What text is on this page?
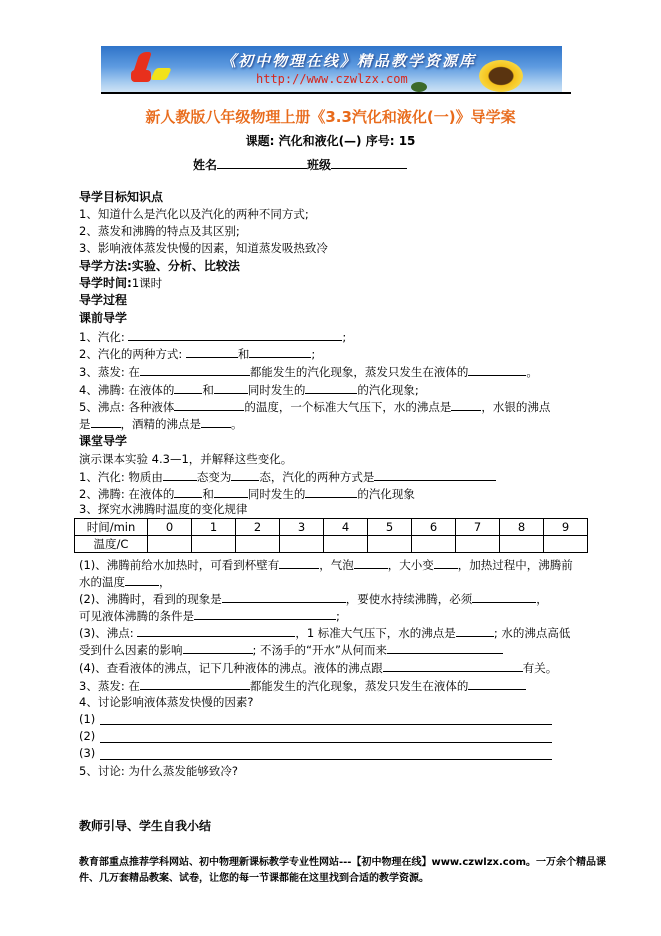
《初中物理在线》精品教学资源库
http://www.czwlzx.com
新人教版八年级物理上册《3.3汽化和液化(一)》导学案
课题: 汽化和液化(—) 序号: 15
姓名	班级
导学目标知识点
1、知道什么是汽化以及汽化的两种不同方式;
2、蒸发和沸腾的特点及其区别;
3、影响液体蒸发快慢的因素，知道蒸发吸热致冷
导学方法:实验、分析、比较法
导学时间:1课时
导学过程
课前导学
1、汽化:	;
2、汽化的两种方式:	和	;
3、蒸发: 在	都能发生的汽化现象，蒸发只发生在液体的	。
4、沸腾: 在液体的 和	同时发生的	的汽化现象;
5、沸点: 各种液体	的温度，一个标准大气压下，水的沸点是	，水银的沸点
是	，酒精的沸点是	。
课堂导学
演示课本实验 4.3—1，并解释这些变化。
1、汽化: 物质由	态变为 态，汽化的两种方式是
2、沸腾: 在液体的 和	同时发生的	的汽化现象
3、探究水沸腾时温度的变化规律
时间/min	0	1	2	3	4	5	6	7	8	9
温度/C										
(1)、沸腾前给水加热时，可看到杯壁有	，气泡	，大小变 ，加热过程中，沸腾前
水的温度	，
(2)、沸腾时，看到的现象是	，要使水持续沸腾，必须	，
可见液体沸腾的条件是	;
(3)、沸点:	，1 标准大气压下，水的沸点是	; 水的沸点高低
受到什么因素的影响	; 不汤手的“开水”从何而来
(4)、查看液体的沸点，记下几种液体的沸点。液体的沸点跟	有关。
3、蒸发: 在	都能发生的汽化现象，蒸发只发生在液体的
4、讨论影响液体蒸发快慢的因素?
(1)
(2)
(3)
5、讨论: 为什么蒸发能够致冷?
教师引导、学生自我小结
教育部重点推荐学科网站、初中物理新课标教学专业性网站---【初中物理在线】www.czwlzx.com。一万余个精品课
件、几万套精品教案、试卷，让您的每一节课都能在这里找到合适的教学资源。
